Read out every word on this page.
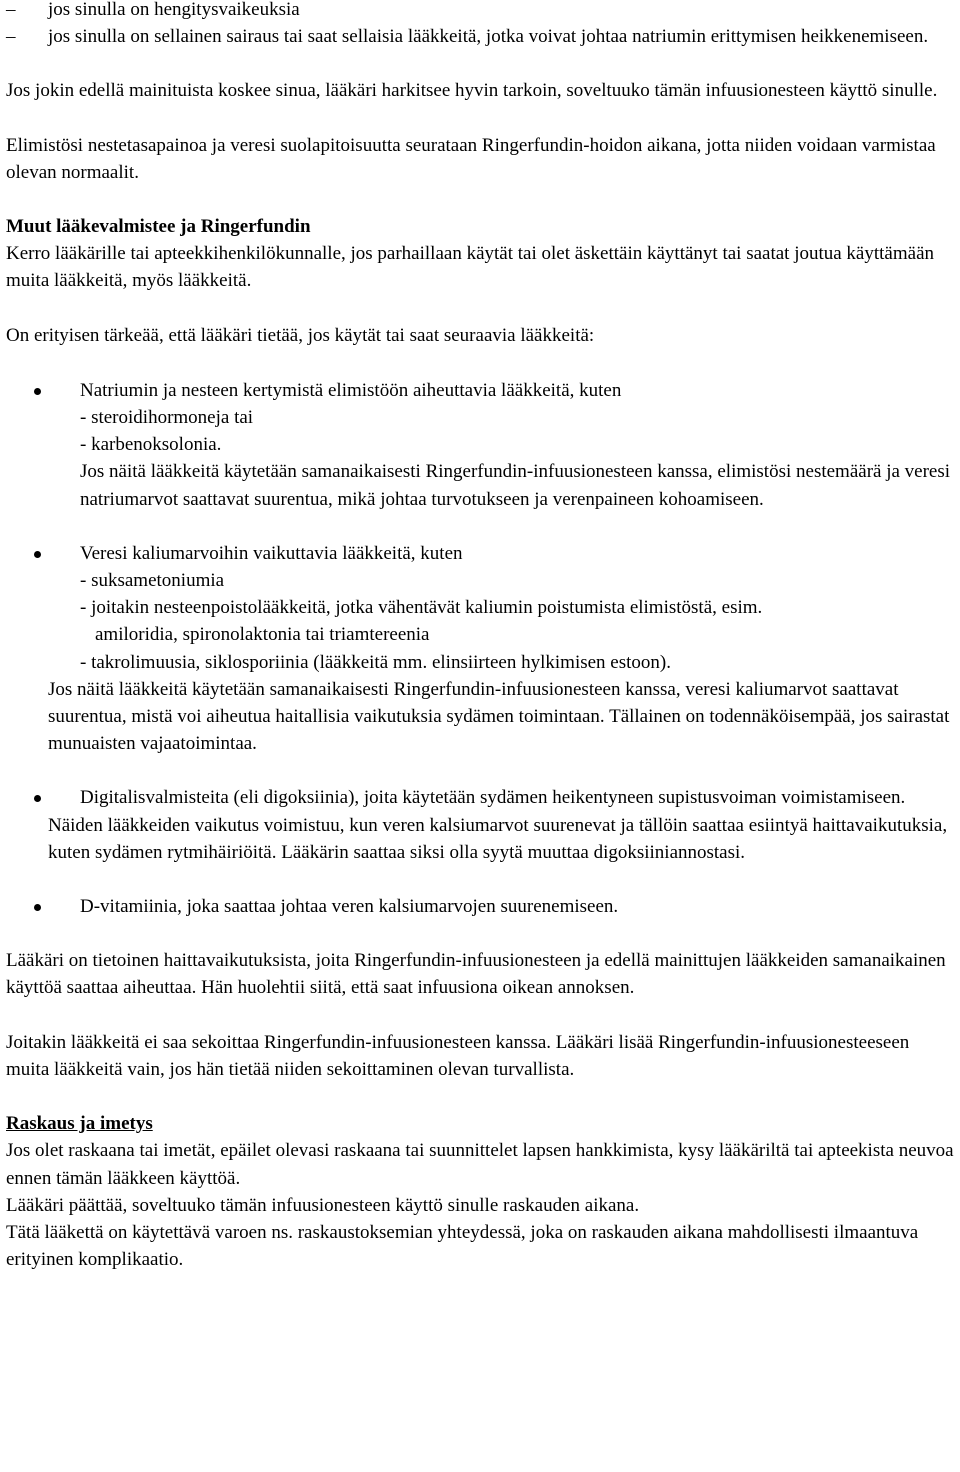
– jos sinulla on hengitysvaikeuksia

– jos sinulla on sellainen sairaus tai saat sellaisia lääkkeitä, jotka voivat johtaa natriumin erittymisen heikkenemiseen.

Jos jokin edellä mainituista koskee sinua, lääkäri harkitsee hyvin tarkoin, soveltuuko tämän infuusionesteen käyttö sinulle.

Elimistösi nestetasapainoa ja veresi suolapitoisuutta seurataan Ringerfundin-hoidon aikana, jotta niiden voidaan varmistaa olevan normaalit.

Muut lääkevalmistee ja Ringerfundin

Kerro lääkärille tai apteekkihenkilökunnalle, jos parhaillaan käytät tai olet äskettäin käyttänyt tai saatat joutua käyttämään muita lääkkeitä, myös lääkkeitä.

On erityisen tärkeää, että lääkäri tietää, jos käytät tai saat seuraavia lääkkeitä:

Natriumin ja nesteen kertymistä elimistöön aiheuttavia lääkkeitä, kuten

- steroidihormoneja tai

- karbenoksolonia.

Jos näitä lääkkeitä käytetään samanaikaisesti Ringerfundin-infuusionesteen kanssa, elimistösi nestemäärä ja veresi natriumarvot saattavat suurentua, mikä johtaa turvotukseen ja verenpaineen kohoamiseen.

Veresi kaliumarvoihin vaikuttavia lääkkeitä, kuten

- suksametoniumia

- joitakin nesteenpoistolääkkeitä, jotka vähentävät kaliumin poistumista elimistöstä, esim.

amiloridia, spironolaktonia tai triamtereenia

- takrolimuusia, siklosporiinia (lääkkeitä mm. elinsiirteen hylkimisen estoon).

Jos näitä lääkkeitä käytetään samanaikaisesti Ringerfundin-infuusionesteen kanssa, veresi kaliumarvot saattavat suurentua, mistä voi aiheutua haitallisia vaikutuksia sydämen toimintaan. Tällainen on todennäköisempää, jos sairastat munuaisten vajaatoimintaa.

Digitalisvalmisteita (eli digoksiinia), joita käytetään sydämen heikentyneen supistusvoiman voimistamiseen.

Näiden lääkkeiden vaikutus voimistuu, kun veren kalsiumarvot suurenevat ja tällöin saattaa esiintyä haittavaikutuksia, kuten sydämen rytmihäiriöitä. Lääkärin saattaa siksi olla syytä muuttaa digoksiiniannostasi.

D-vitamiinia, joka saattaa johtaa veren kalsiumarvojen suurenemiseen.

Lääkäri on tietoinen haittavaikutuksista, joita Ringerfundin-infuusionesteen ja edellä mainittujen lääkkeiden samanaikainen käyttöä saattaa aiheuttaa. Hän huolehtii siitä, että saat infuusiona oikean annoksen.

Joitakin lääkkeitä ei saa sekoittaa Ringerfundin-infuusionesteen kanssa. Lääkäri lisää Ringerfundin-infuusionesteeseen muita lääkkeitä vain, jos hän tietää niiden sekoittaminen olevan turvallista.

Raskaus ja imetys

Jos olet raskaana tai imetät, epäilet olevasi raskaana tai suunnittelet lapsen hankkimista, kysy lääkäriltä tai apteekista neuvoa ennen tämän lääkkeen käyttöä.

Lääkäri päättää, soveltuuko tämän infuusionesteen käyttö sinulle raskauden aikana.

Tätä lääkettä on käytettävä varoen ns. raskaustoksemian yhteydessä, joka on raskauden aikana mahdollisesti ilmaantuva erityinen komplikaatio.
